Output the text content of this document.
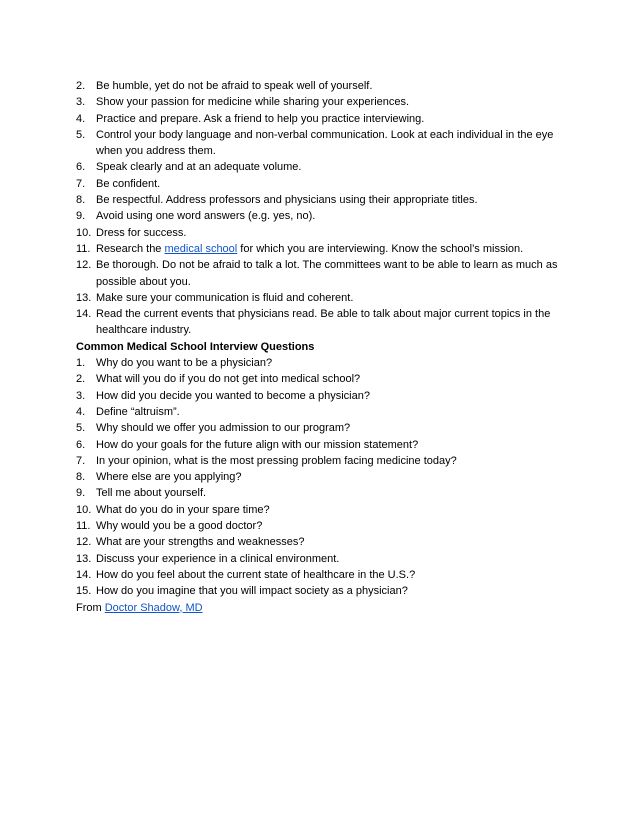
2. Be humble, yet do not be afraid to speak well of yourself.
3. Show your passion for medicine while sharing your experiences.
4. Practice and prepare. Ask a friend to help you practice interviewing.
5. Control your body language and non-verbal communication. Look at each individual in the eye when you address them.
6. Speak clearly and at an adequate volume.
7. Be confident.
8. Be respectful. Address professors and physicians using their appropriate titles.
9. Avoid using one word answers (e.g. yes, no).
10. Dress for success.
11. Research the medical school for which you are interviewing. Know the school’s mission.
12. Be thorough. Do not be afraid to talk a lot. The committees want to be able to learn as much as possible about you.
13. Make sure your communication is fluid and coherent.
14. Read the current events that physicians read. Be able to talk about major current topics in the healthcare industry.
Common Medical School Interview Questions
1. Why do you want to be a physician?
2. What will you do if you do not get into medical school?
3. How did you decide you wanted to become a physician?
4. Define “altruism”.
5. Why should we offer you admission to our program?
6. How do your goals for the future align with our mission statement?
7. In your opinion, what is the most pressing problem facing medicine today?
8. Where else are you applying?
9. Tell me about yourself.
10. What do you do in your spare time?
11. Why would you be a good doctor?
12. What are your strengths and weaknesses?
13. Discuss your experience in a clinical environment.
14. How do you feel about the current state of healthcare in the U.S.?
15. How do you imagine that you will impact society as a physician?
From Doctor Shadow, MD
